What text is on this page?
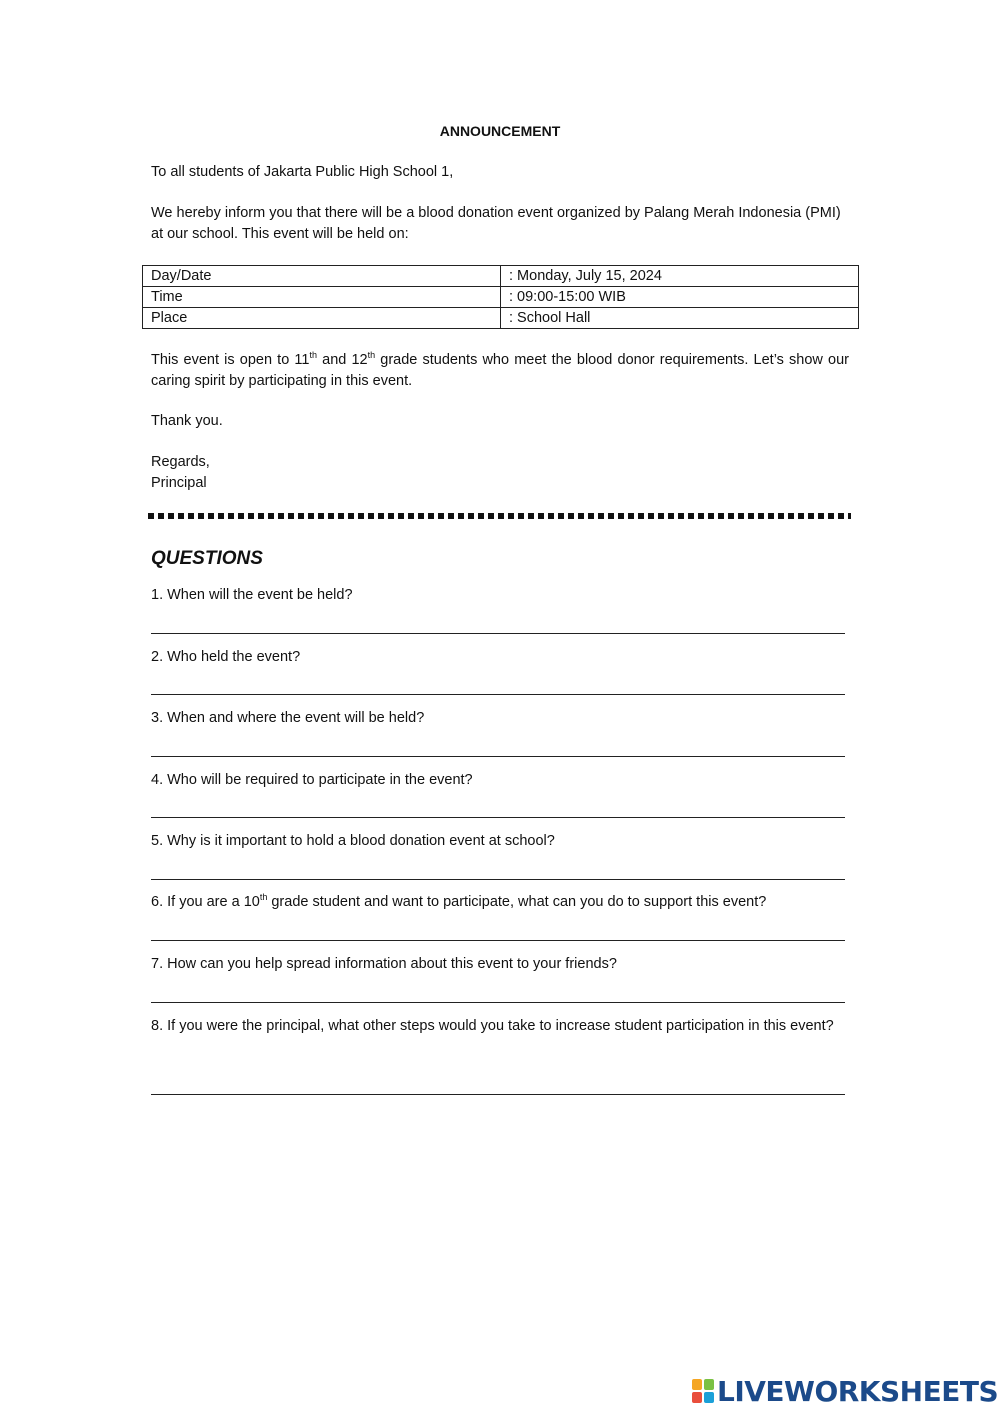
ANNOUNCEMENT

To all students of Jakarta Public High School 1,

We hereby inform you that there will be a blood donation event organized by Palang Merah Indonesia (PMI) at our school. This event will be held on:

Day/Date	: Monday, July 15, 2024
Time	: 09:00-15:00 WIB
Place	: School Hall

This event is open to 11th and 12th grade students who meet the blood donor requirements. Let’s show our caring spirit by participating in this event.

Thank you.

Regards,

Principal

QUESTIONS

1. When will the event be held?

2. Who held the event?

3. When and where the event will be held?

4. Who will be required to participate in the event?

5. Why is it important to hold a blood donation event at school?

6. If you are a 10th grade student and want to participate, what can you do to support this event?

7. How can you help spread information about this event to your friends?

8. If you were the principal, what other steps would you take to increase student participation in this event?

LIVEWORKSHEETS
